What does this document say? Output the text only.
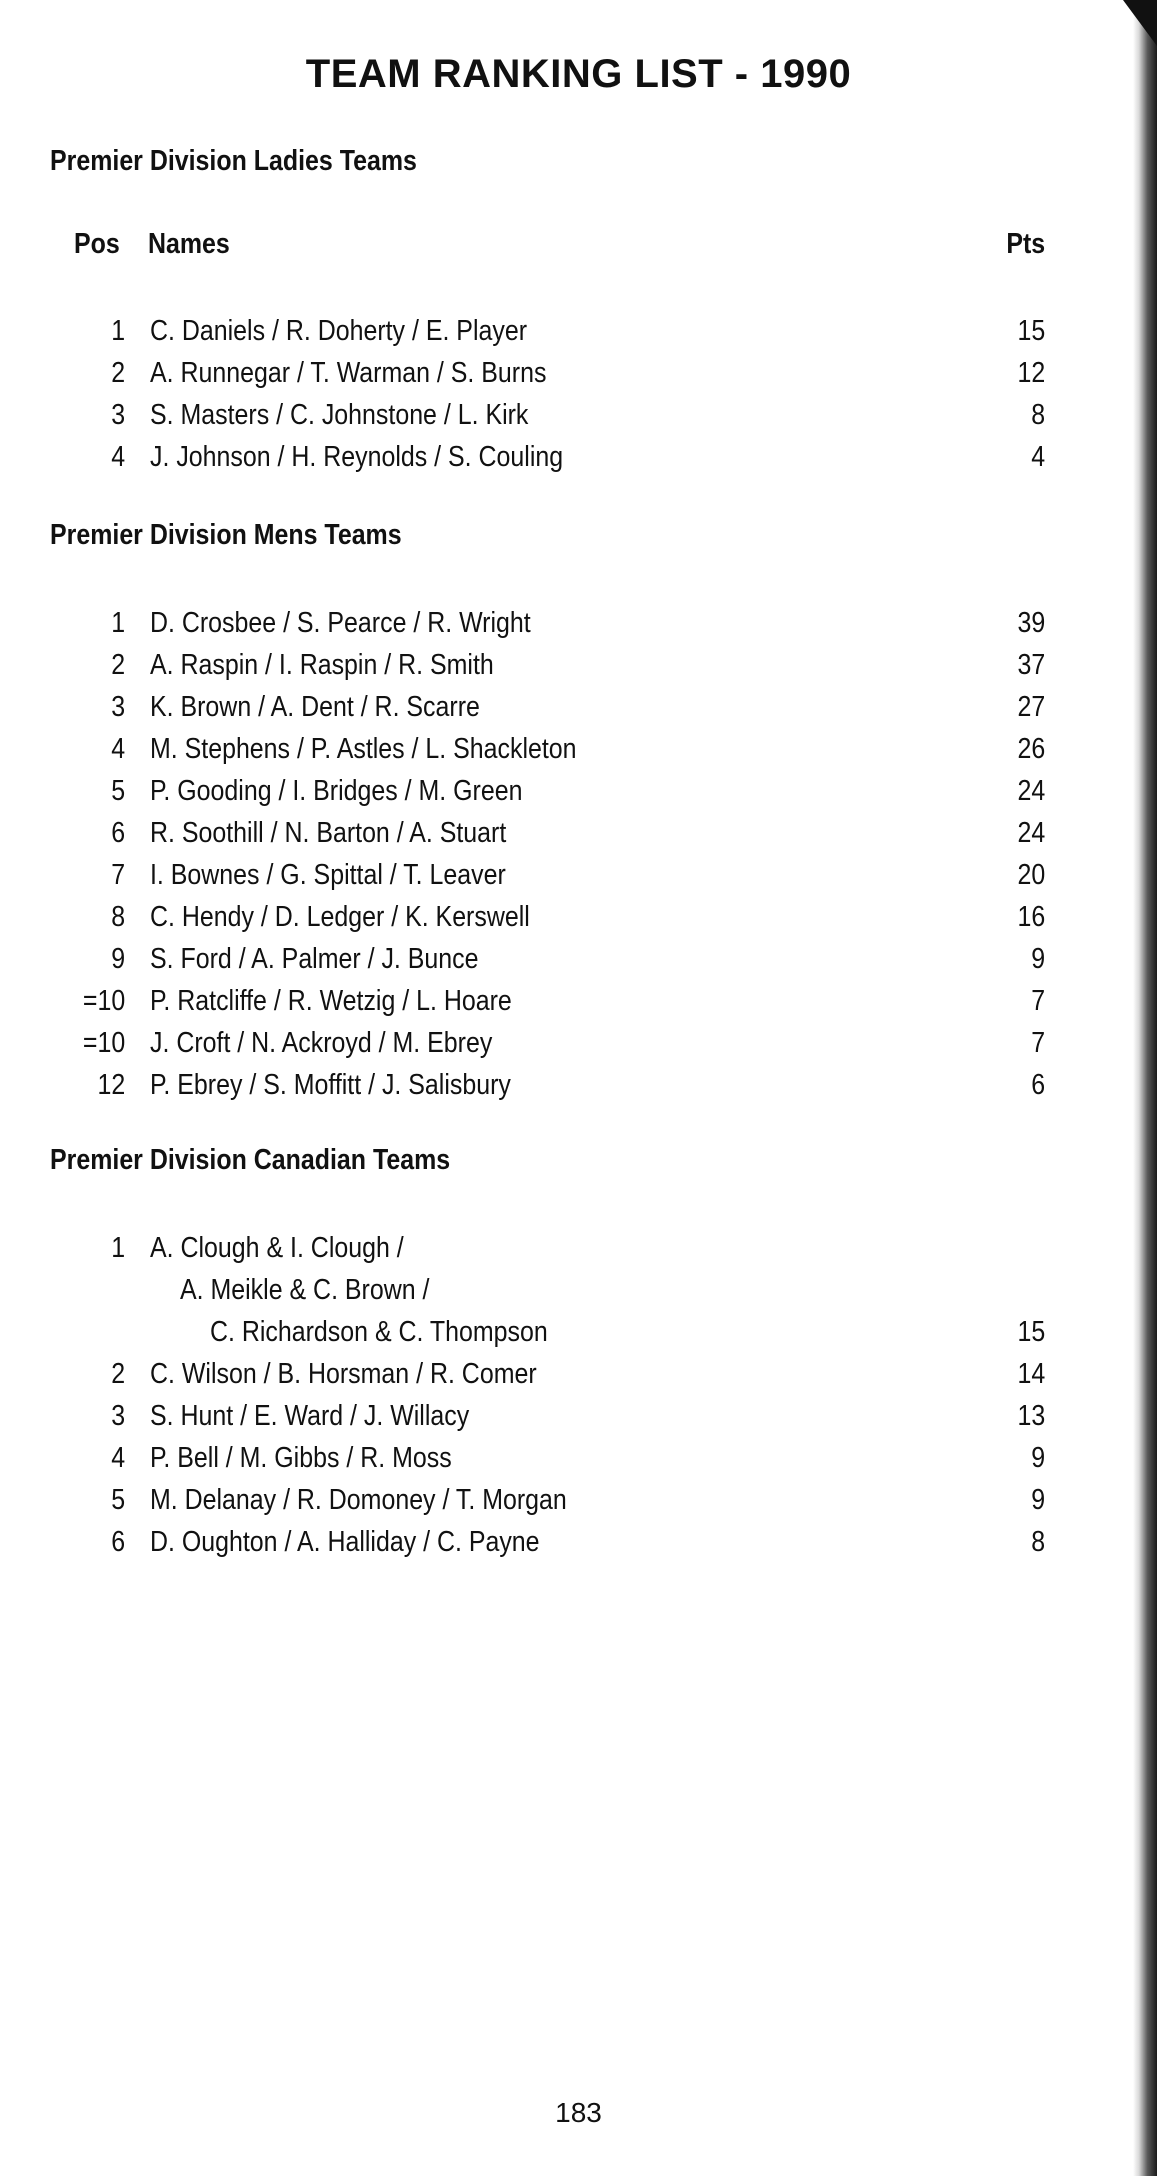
TEAM RANKING LIST - 1990
Premier Division Ladies Teams
Pos Names	Pts
1 C. Daniels / R. Doherty / E. Player	15
2 A. Runnegar / T. Warman / S. Burns	12
3 S. Masters / C. Johnstone / L. Kirk	8
4 J. Johnson / H. Reynolds / S. Couling	4
Premier Division Mens Teams
1 D. Crosbee / S. Pearce / R. Wright	39
2 A. Raspin / I. Raspin / R. Smith	37
3 K. Brown / A. Dent / R. Scarre	27
4 M. Stephens / P. Astles / L. Shackleton	26
5 P. Gooding / I. Bridges / M. Green	24
6 R. Soothill / N. Barton / A. Stuart	24
7 I. Bownes / G. Spittal / T. Leaver	20
8 C. Hendy / D. Ledger / K. Kerswell	16
9 S. Ford / A. Palmer / J. Bunce	9
=10 P. Ratcliffe / R. Wetzig / L. Hoare	7
=10 J. Croft / N. Ackroyd / M. Ebrey	7
12 P. Ebrey / S. Moffitt / J. Salisbury	6
Premier Division Canadian Teams
1 A. Clough & I. Clough /
A. Meikle & C. Brown /
C. Richardson & C. Thompson	15
2 C. Wilson / B. Horsman / R. Comer	14
3 S. Hunt / E. Ward / J. Willacy	13
4 P. Bell / M. Gibbs / R. Moss	9
5 M. Delanay / R. Domoney / T. Morgan	9
6 D. Oughton / A. Halliday / C. Payne	8
183
